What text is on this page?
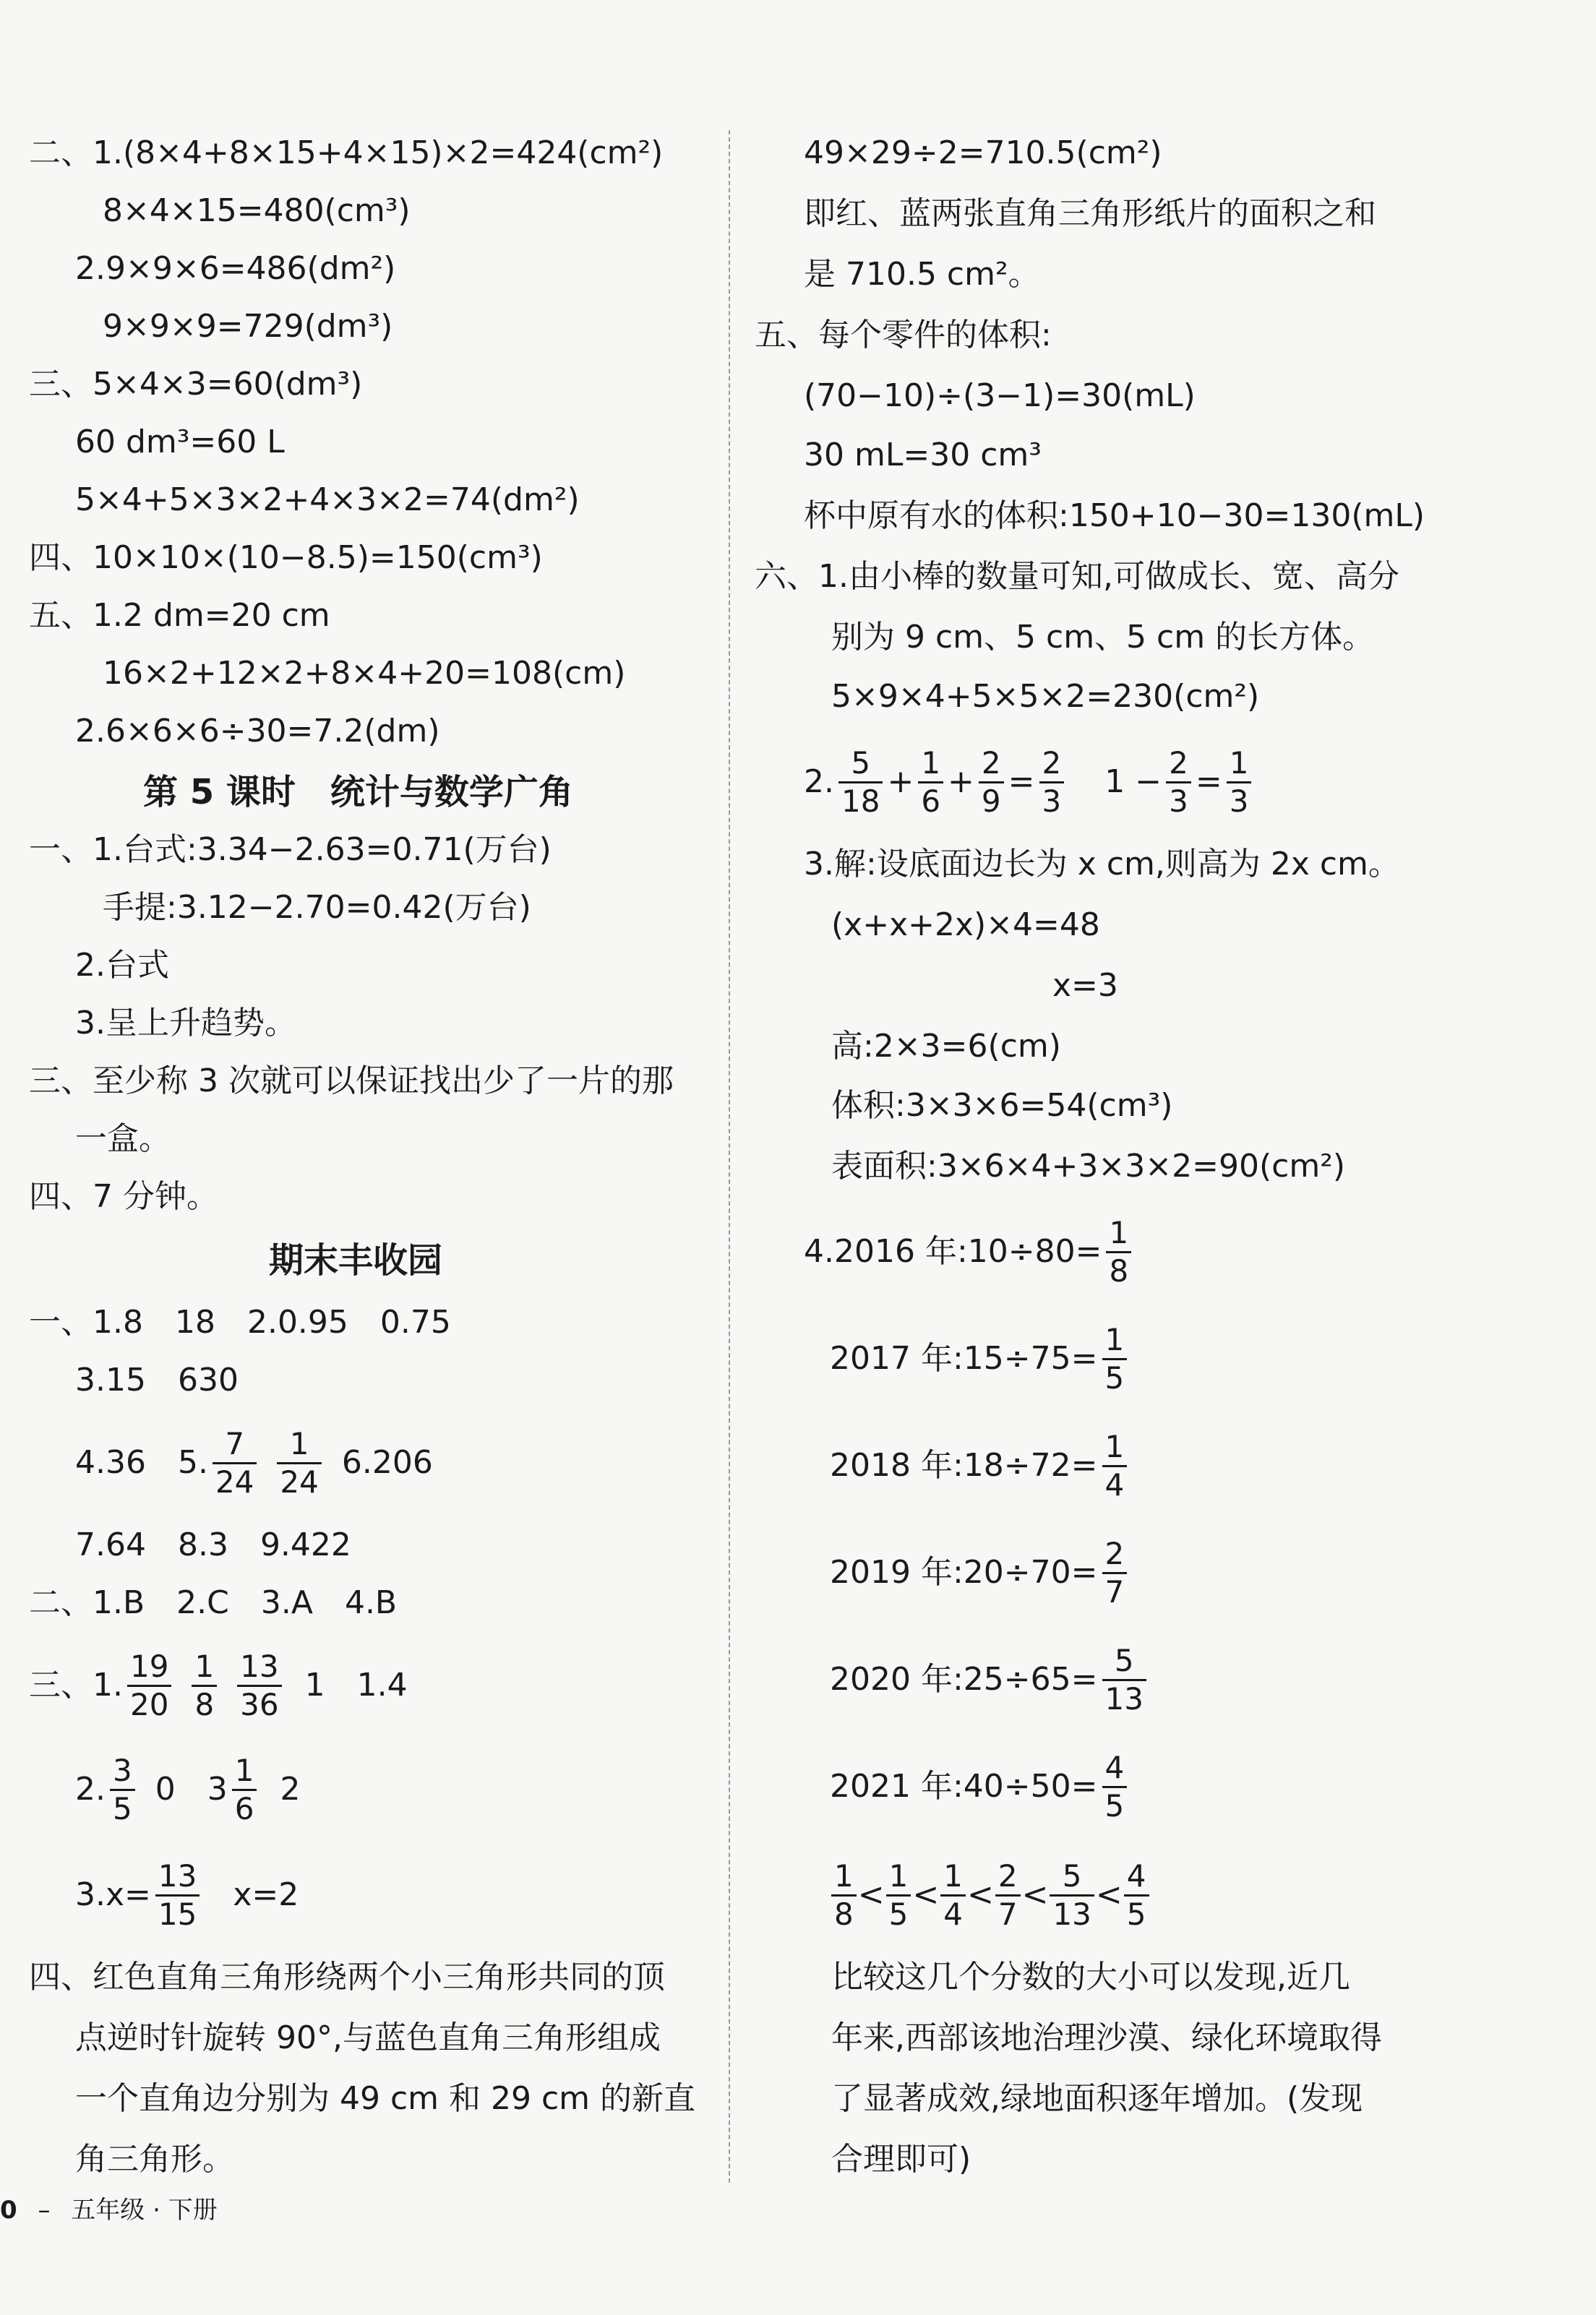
二、1.(8×4+8×15+4×15)×2=424(cm²)
8×4×15=480(cm³)
2.9×9×6=486(dm²)
9×9×9=729(dm³)
三、5×4×3=60(dm³)
60 dm³=60 L
5×4+5×3×2+4×3×2=74(dm²)
四、10×10×(10−8.5)=150(cm³)
五、1.2 dm=20 cm
16×2+12×2+8×4+20=108(cm)
2.6×6×6÷30=7.2(dm)
第 5 课时　统计与数学广角
一、1.台式:3.34−2.63=0.71(万台)
手提:3.12−2.70=0.42(万台)
2.台式
3.呈上升趋势。
三、至少称 3 次就可以保证找出少了一片的那
一盒。
四、7 分钟。
期末丰收园
一、1.8　18　2.0.95　0.75
3.15　630
4.36　5. $\frac{7}{24} \frac{1}{24} 6.206$
7.64　8.3　9.422
二、1.B　2.C　3.A　4.B
三、1. $\frac{19}{20} \frac{1}{8} \frac{13}{36} 1$　1.4
2. $\frac{3}{5} 0$　$3 \frac{1}{6} 2$
$3.x= \frac{13}{15} x=2$
四、红色直角三角形绕两个小三角形共同的顶
点逆时针旋转 90°,与蓝色直角三角形组成
一个直角边分别为 49 cm 和 29 cm 的新直
角三角形。
49×29÷2=710.5(cm²)
即红、蓝两张直角三角形纸片的面积之和
是 710.5 cm²。
五、每个零件的体积:
(70−10)÷(3−1)=30(mL)
30 mL=30 cm³
杯中原有水的体积:150+10−30=130(mL)
六、1.由小棒的数量可知,可做成长、宽、高分
别为 9 cm、5 cm、5 cm 的长方体。
5×9×4+5×5×2=230(cm²)
2. $\frac{5}{18} + \frac{1}{6} + \frac{2}{9} = \frac{2}{3} 1 - \frac{2}{3} = \frac{1}{3}$
3.解:设底面边长为 x cm,则高为 2x cm。
(x+x+2x)×4=48
x=3
高:2×3=6(cm)
体积:3×3×6=54(cm³)
表面积:3×6×4+3×3×2=90(cm²)
4.2016 年:10÷80= $\frac{1}{8}$
2017 年:15÷75= $\frac{1}{5}$
2018 年:18÷72= $\frac{1}{4}$
2019 年:20÷70= $\frac{2}{7}$
2020 年:25÷65= $\frac{5}{13}$
2021 年:40÷50= $\frac{4}{5}$
$\frac{1}{8} < \frac{1}{5} < \frac{1}{4} < \frac{2}{7} < \frac{5}{13} < \frac{4}{5}$
比较这几个分数的大小可以发现,近几
年来,西部该地治理沙漠、绿化环境取得
了显著成效,绿地面积逐年增加。(发现
合理即可)
0 – 五年级 · 下册
